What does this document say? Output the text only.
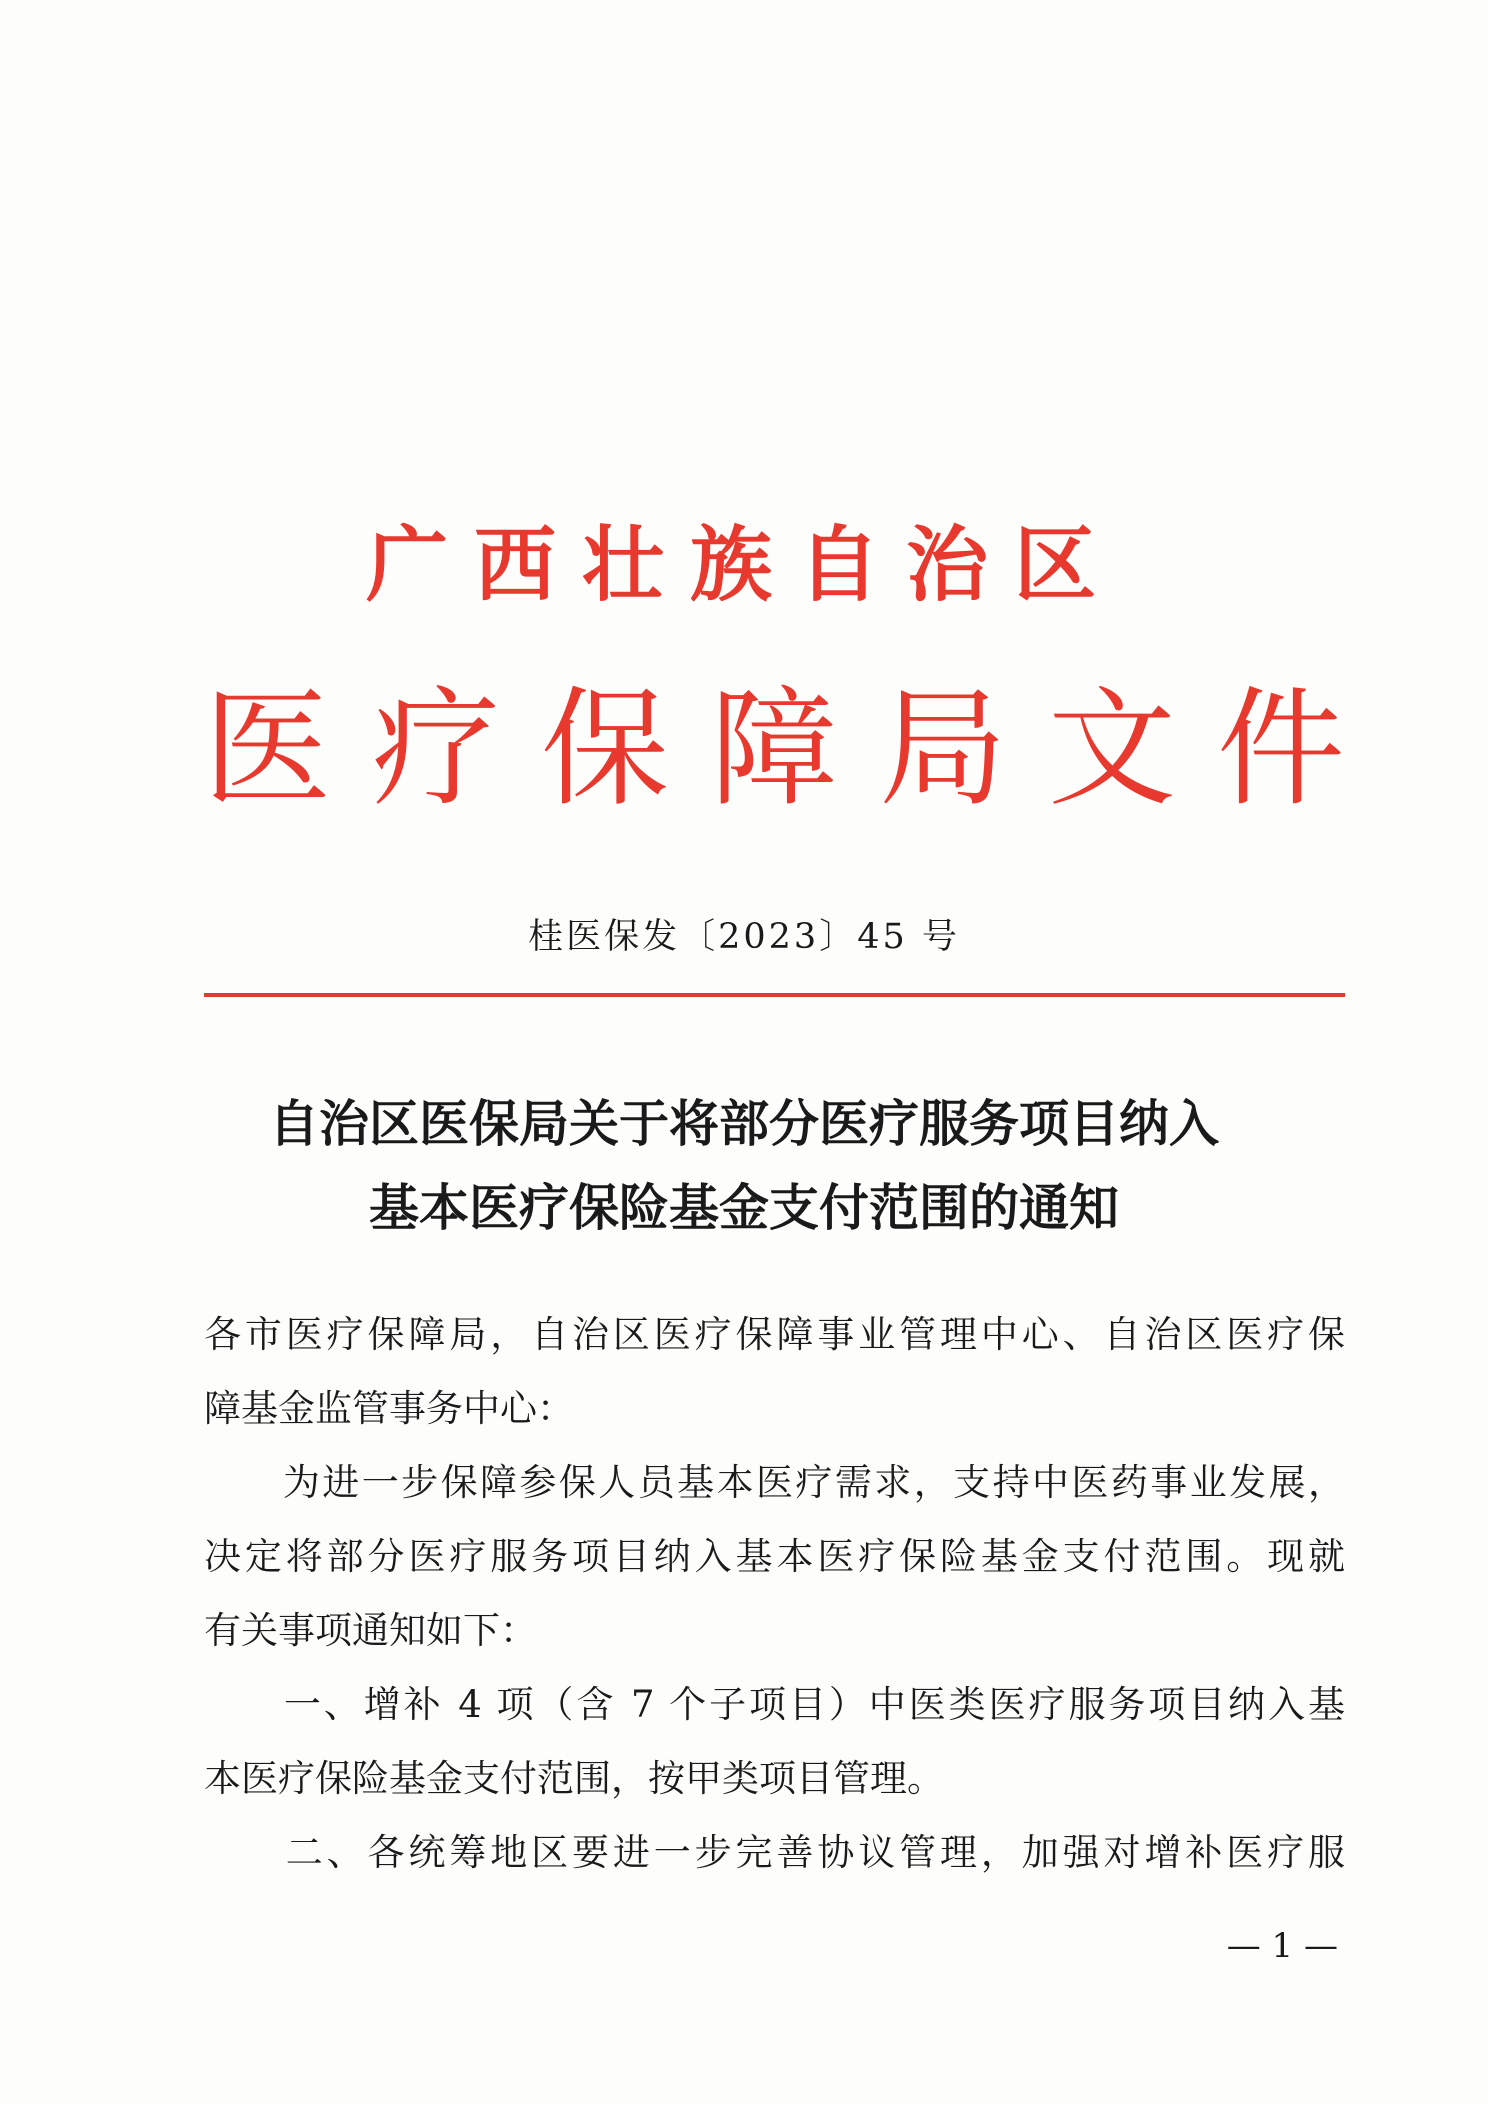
广西壮族自治区
医 疗 保 障 局 文 件
桂医保发〔2023〕45 号
自治区医保局关于将部分医疗服务项目纳入
基本医疗保险基金支付范围的通知
各市医疗保障局，自治区医疗保障事业管理中心、自治区医疗保
障基金监管事务中心：
　　为进一步保障参保人员基本医疗需求，支持中医药事业发展，
决定将部分医疗服务项目纳入基本医疗保险基金支付范围。现就
有关事项通知如下：
　　一、增补 4 项（含 7 个子项目）中医类医疗服务项目纳入基
本医疗保险基金支付范围，按甲类项目管理。
　　二、各统筹地区要进一步完善协议管理，加强对增补医疗服
— 1 —
